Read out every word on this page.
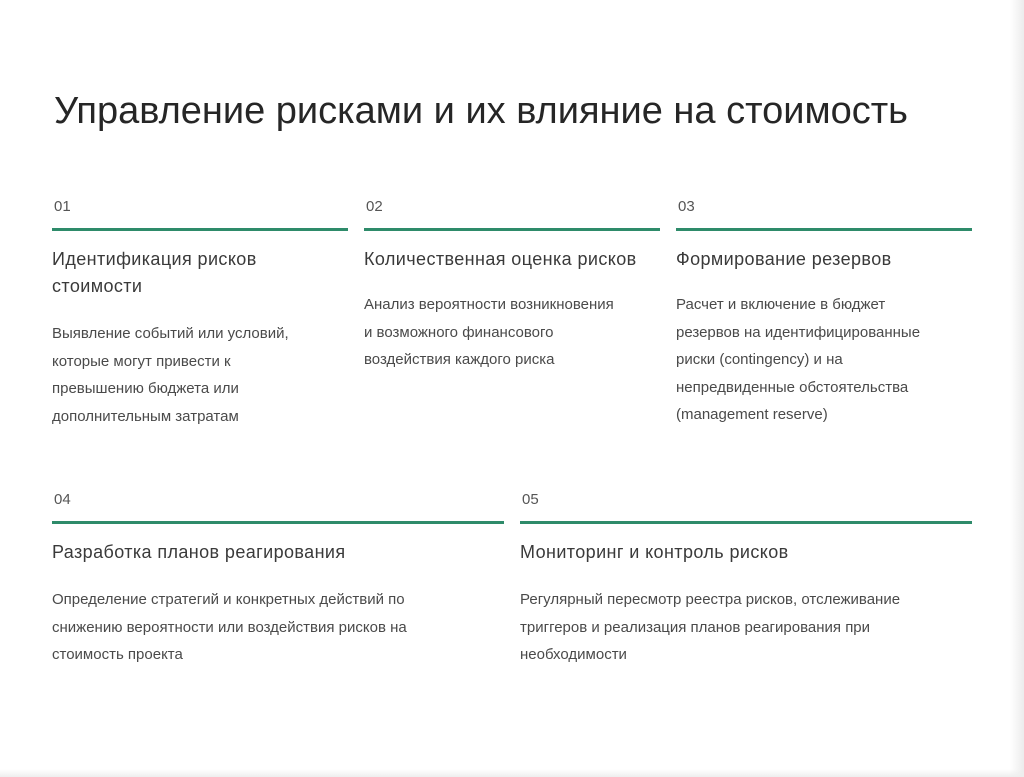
Управление рисками и их влияние на стоимость
01
Идентификация рисков
стоимости
Выявление событий или условий,
которые могут привести к
превышению бюджета или
дополнительным затратам
02
Количественная оценка рисков
Анализ вероятности возникновения
и возможного финансового
воздействия каждого риска
03
Формирование резервов
Расчет и включение в бюджет
резервов на идентифицированные
риски (contingency) и на
непредвиденные обстоятельства
(management reserve)
04
Разработка планов реагирования
Определение стратегий и конкретных действий по
снижению вероятности или воздействия рисков на
стоимость проекта
05
Мониторинг и контроль рисков
Регулярный пересмотр реестра рисков, отслеживание
триггеров и реализация планов реагирования при
необходимости
